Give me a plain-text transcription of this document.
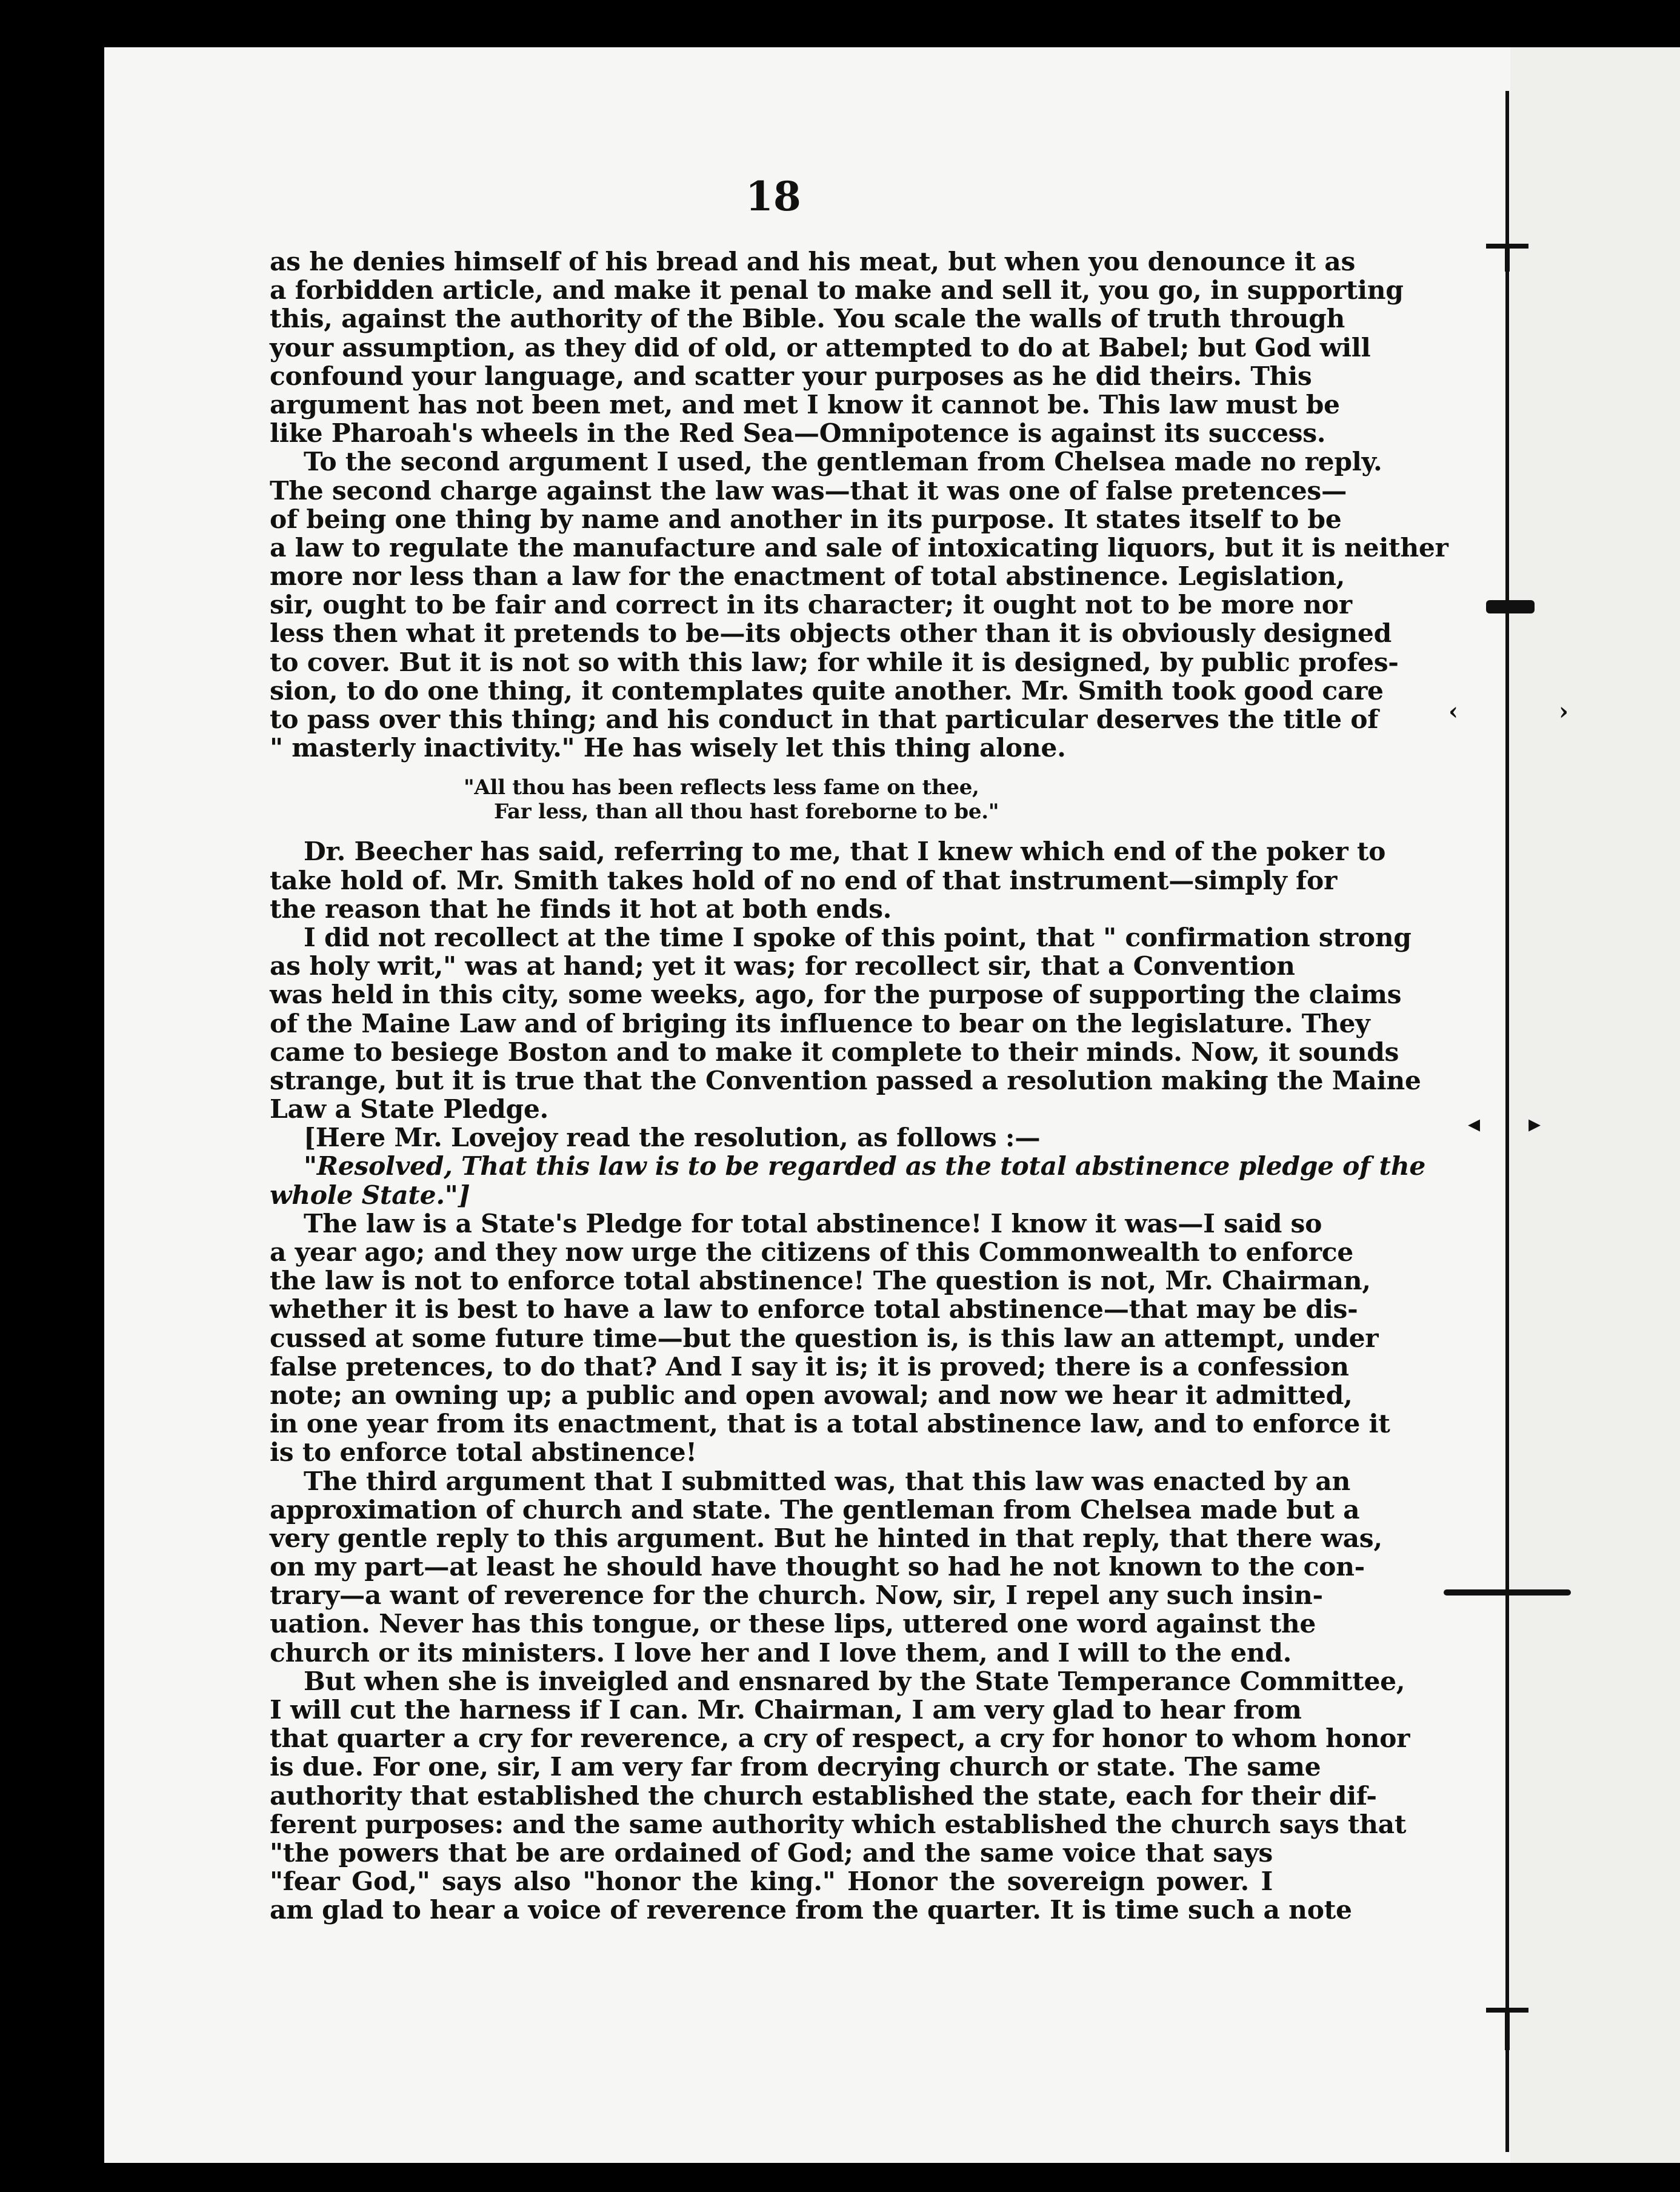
‹	›
◂ ▸
18
as he denies himself of his bread and his meat, but when you denounce it as
a forbidden article, and make it penal to make and sell it, you go, in supporting
this, against the authority of the Bible. You scale the walls of truth through
your assumption, as they did of old, or attempted to do at Babel; but God will
confound your language, and scatter your purposes as he did theirs. This
argument has not been met, and met I know it cannot be. This law must be
like Pharoah's wheels in the Red Sea—Omnipotence is against its success.
To the second argument I used, the gentleman from Chelsea made no reply.
The second charge against the law was—that it was one of false pretences—
of being one thing by name and another in its purpose. It states itself to be
a law to regulate the manufacture and sale of intoxicating liquors, but it is neither
more nor less than a law for the enactment of total abstinence. Legislation,
sir, ought to be fair and correct in its character; it ought not to be more nor
less then what it pretends to be—its objects other than it is obviously designed
to cover. But it is not so with this law; for while it is designed, by public profes-
sion, to do one thing, it contemplates quite another. Mr. Smith took good care
to pass over this thing; and his conduct in that particular deserves the title of
" masterly inactivity." He has wisely let this thing alone.
"All thou has been reflects less fame on thee,
Far less, than all thou hast foreborne to be."
Dr. Beecher has said, referring to me, that I knew which end of the poker to
take hold of. Mr. Smith takes hold of no end of that instrument—simply for
the reason that he finds it hot at both ends.
I did not recollect at the time I spoke of this point, that " confirmation strong
as holy writ," was at hand; yet it was; for recollect sir, that a Convention
was held in this city, some weeks, ago, for the purpose of supporting the claims
of the Maine Law and of briging its influence to bear on the legislature. They
came to besiege Boston and to make it complete to their minds. Now, it sounds
strange, but it is true that the Convention passed a resolution making the Maine
Law a State Pledge.
[Here Mr. Lovejoy read the resolution, as follows :—
"Resolved, That this law is to be regarded as the total abstinence pledge of the
whole State."]
The law is a State's Pledge for total abstinence! I know it was—I said so
a year ago; and they now urge the citizens of this Commonwealth to enforce
the law is not to enforce total abstinence! The question is not, Mr. Chairman,
whether it is best to have a law to enforce total abstinence—that may be dis-
cussed at some future time—but the question is, is this law an attempt, under
false pretences, to do that? And I say it is; it is proved; there is a confession
note; an owning up; a public and open avowal; and now we hear it admitted,
in one year from its enactment, that is a total abstinence law, and to enforce it
is to enforce total abstinence!
The third argument that I submitted was, that this law was enacted by an
approximation of church and state. The gentleman from Chelsea made but a
very gentle reply to this argument. But he hinted in that reply, that there was,
on my part—at least he should have thought so had he not known to the con-
trary—a want of reverence for the church. Now, sir, I repel any such insin-
uation. Never has this tongue, or these lips, uttered one word against the
church or its ministers. I love her and I love them, and I will to the end.
But when she is inveigled and ensnared by the State Temperance Committee,
I will cut the harness if I can. Mr. Chairman, I am very glad to hear from
that quarter a cry for reverence, a cry of respect, a cry for honor to whom honor
is due. For one, sir, I am very far from decrying church or state. The same
authority that established the church established the state, each for their dif-
ferent purposes: and the same authority which established the church says that
"the powers that be are ordained of God; and the same voice that says
"fear God," says also "honor the king." Honor the sovereign power. I
am glad to hear a voice of reverence from the quarter. It is time such a note
